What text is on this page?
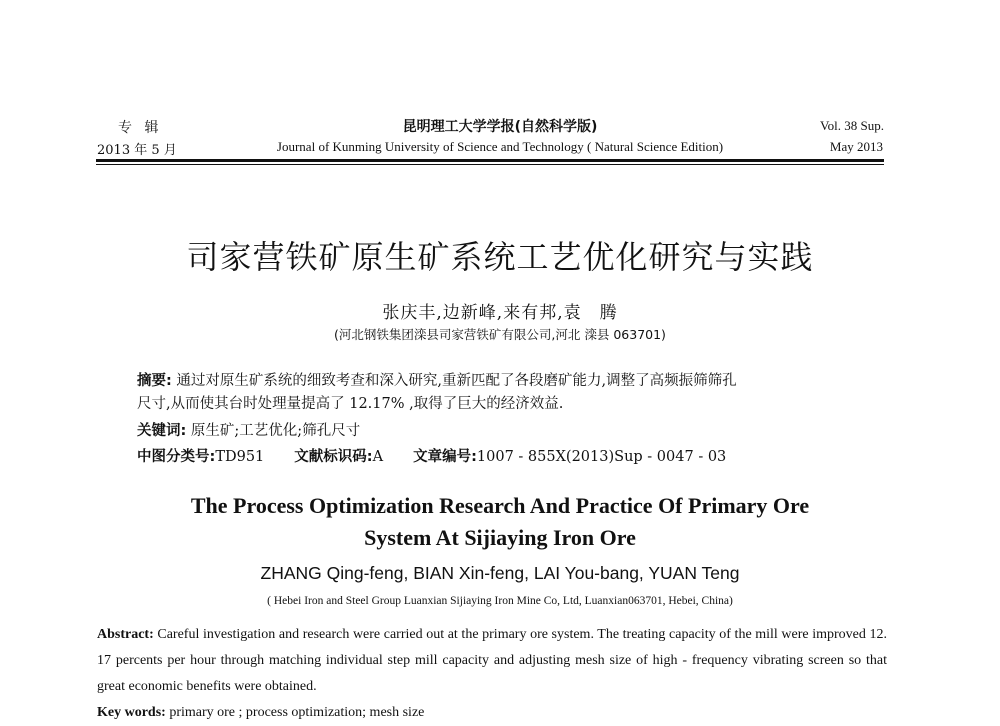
专 辑
2013 年 5 月
昆明理工大学学报(自然科学版)
Journal of Kunming University of Science and Technology ( Natural Science Edition)
Vol. 38 Sup.
May 2013
司家营铁矿原生矿系统工艺优化研究与实践
张庆丰,边新峰,来有邦,袁　腾
(河北钢铁集团滦县司家营铁矿有限公司,河北 滦县 063701)
摘要: 通过对原生矿系统的细致考查和深入研究,重新匹配了各段磨矿能力,调整了高频振筛筛孔
尺寸,从而使其台时处理量提高了 12.17% ,取得了巨大的经济效益.
关键词: 原生矿;工艺优化;筛孔尺寸
中图分类号:TD951 文献标识码:A 文章编号:1007 - 855X(2013)Sup - 0047 - 03
The Process Optimization Research And Practice Of Primary Ore System At Sijiaying Iron Ore
ZHANG Qing-feng, BIAN Xin-feng, LAI You-bang, YUAN Teng
( Hebei Iron and Steel Group Luanxian Sijiaying Iron Mine Co, Ltd, Luanxian063701, Hebei, China)
Abstract: Careful investigation and research were carried out at the primary ore system. The treating capacity of the mill were improved 12. 17 percents per hour through matching individual step mill capacity and adjusting mesh size of high - frequency vibrating screen so that great economic benefits were obtained.
Key words: primary ore ; process optimization; mesh size
